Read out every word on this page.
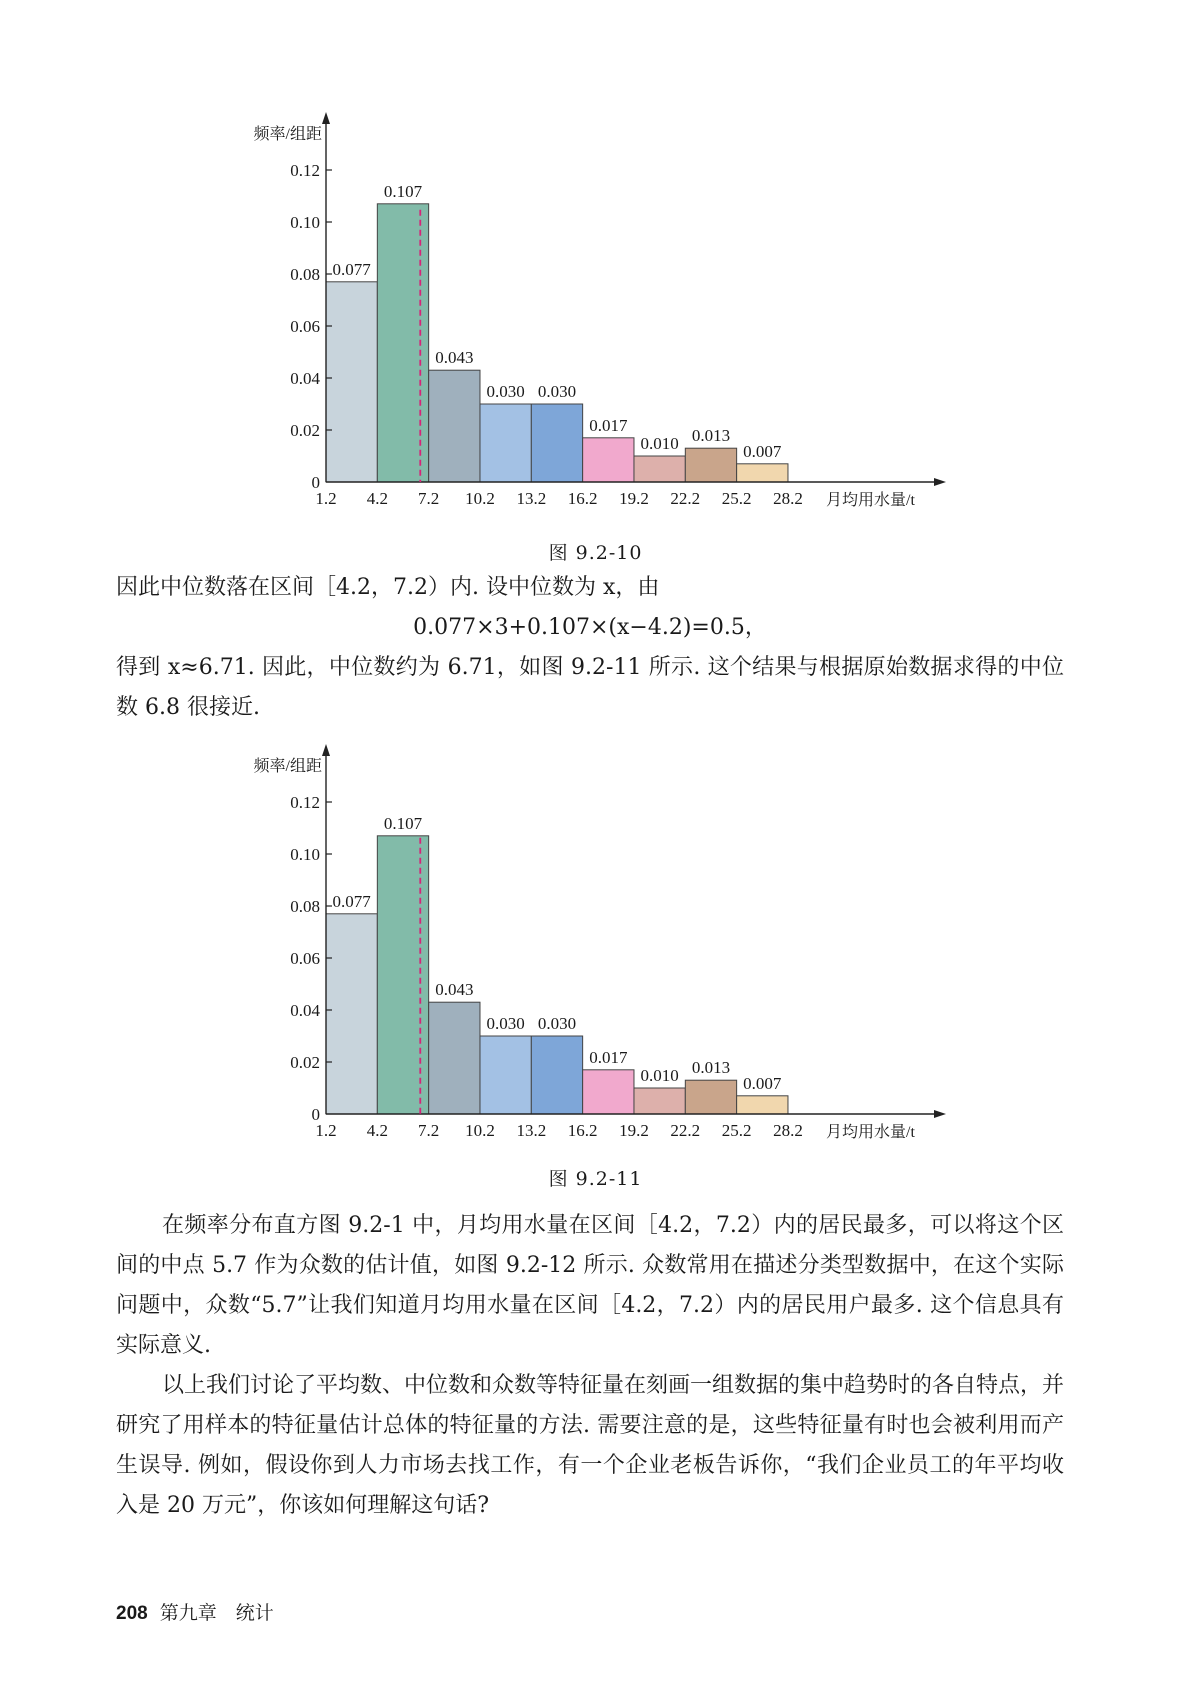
0.077
0.107
0.043
0.030 0.030
0.017
0.010 0.013
0.007
0
0.02
0.04
0.06
0.08
0.10
0.12
1.2 4.2 7.2 10.2 13.2 16.2 19.2 22.2 25.2 28.2
频率/组距
月均用水量/t
图 9.2-10

因此中位数落在区间［4.2，7.2）内. 设中位数为 x，由

0.077×3+0.107×(x−4.2)=0.5，

得到 x≈6.71. 因此，中位数约为 6.71，如图 9.2-11 所示. 这个结果与根据原始数据求得的中位数 6.8 很接近.

0.077
0.107
0.043
0.030 0.030
0.017
0.010 0.013
0.007
0
0.02
0.04
0.06
0.08
0.10
0.12
1.2 4.2 7.2 10.2 13.2 16.2 19.2 22.2 25.2 28.2
频率/组距
月均用水量/t
图 9.2-11

在频率分布直方图 9.2-1 中，月均用水量在区间［4.2，7.2）内的居民最多，可以将这个区间的中点 5.7 作为众数的估计值，如图 9.2-12 所示. 众数常用在描述分类型数据中，在这个实际问题中，众数“5.7”让我们知道月均用水量在区间［4.2，7.2）内的居民用户最多. 这个信息具有实际意义.

以上我们讨论了平均数、中位数和众数等特征量在刻画一组数据的集中趋势时的各自特点，并研究了用样本的特征量估计总体的特征量的方法. 需要注意的是，这些特征量有时也会被利用而产生误导. 例如，假设你到人力市场去找工作，有一个企业老板告诉你，“我们企业员工的年平均收入是 20 万元”，你该如何理解这句话?

208 第九章　统计
